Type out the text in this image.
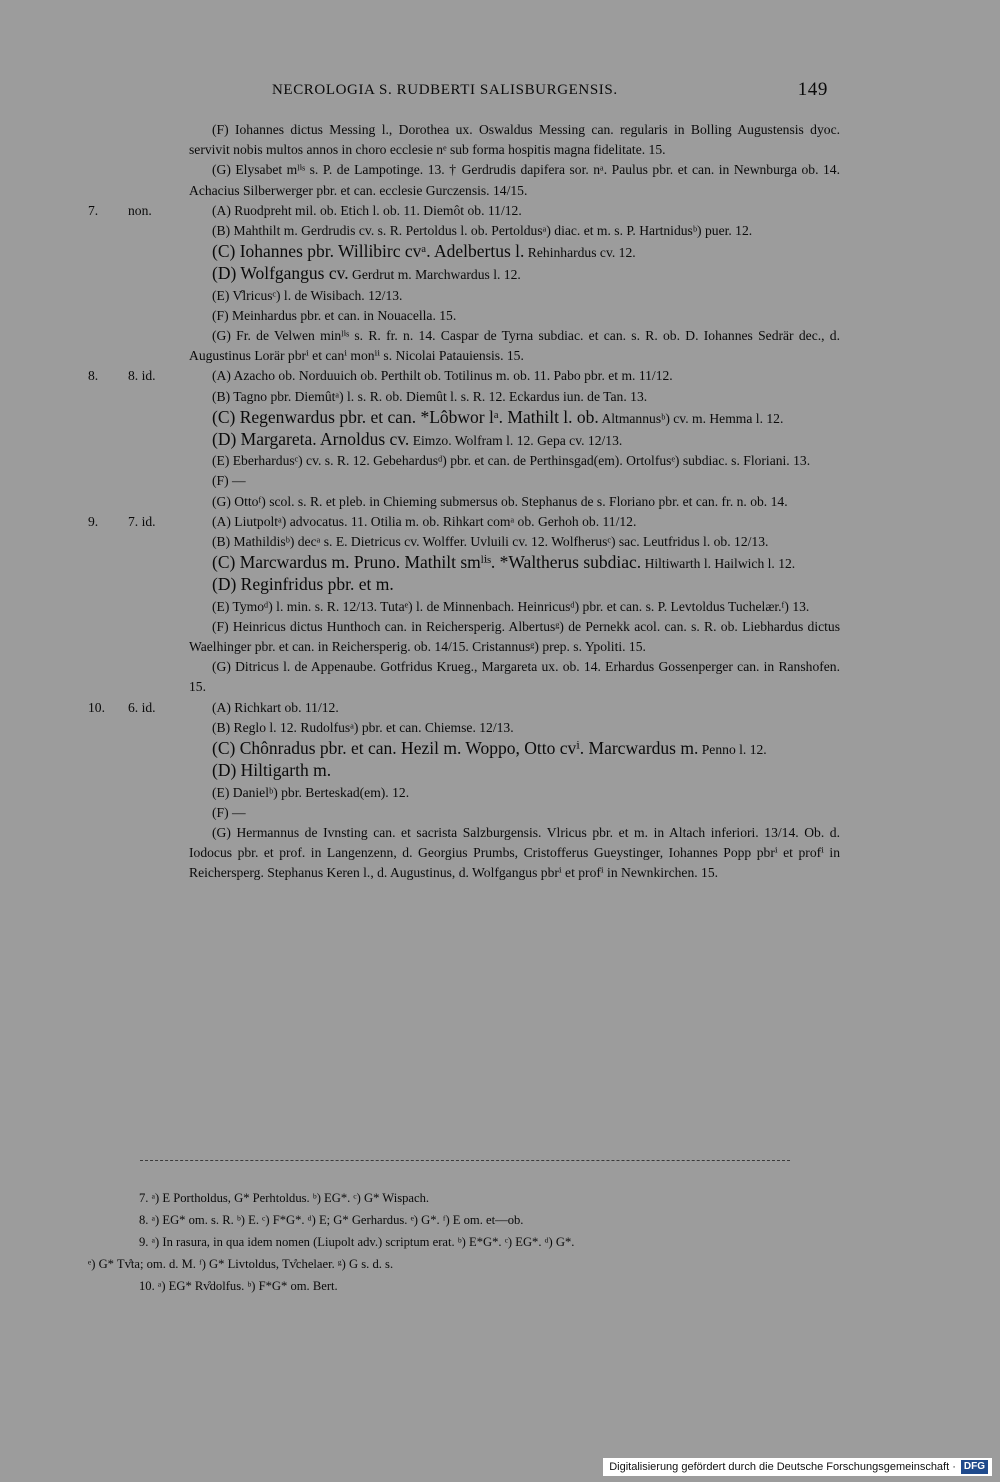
NECROLOGIA S. RUDBERTI SALISBURGENSIS.	149
(F) Iohannes dictus Messing l., Dorothea ux. Oswaldus Messing can. regularis in Bolling Augustensis dyoc. servivit nobis multos annos in choro ecclesie nᵉ sub forma hospitis magna fidelitate. 15.
(G) Elysabet mˡⁱˢ s. P. de Lampotinge. 13. † Gerdrudis dapifera sor. nᵃ. Paulus pbr. et can. in Newnburga ob. 14. Achacius Silberwerger pbr. et can. ecclesie Gurczensis. 14/15.
7. non.	(A) Ruodpreht mil. ob. Etich l. ob. 11. Diemôt ob. 11/12.
(B) Mahthilt m. Gerdrudis cv. s. R. Pertoldus l. ob. Pertoldusᵃ) diac. et m. s. P. Hartnidusᵇ) puer. 12.
(C) Iohannes pbr. Willibirc cvᵃ. Adelbertus l. Rehinhardus cv. 12.
(D) Wolfgangus cv. Gerdrut m. Marchwardus l. 12.
(E) V̊lricusᶜ) l. de Wisibach. 12/13.
(F) Meinhardus pbr. et can. in Nouacella. 15.
(G) Fr. de Velwen minˡⁱˢ s. R. fr. n. 14. Caspar de Tyrna subdiac. et can. s. R. ob. D. Iohannes Sedrär dec., d. Augustinus Lorär pbrⁱ et canⁱ monⁱⁱ s. Nicolai Patauiensis. 15.
8. 8. id.	(A) Azacho ob. Norduuich ob. Perthilt ob. Totilinus m. ob. 11. Pabo pbr. et m. 11/12.
(B) Tagno pbr. Diemûtᵃ) l. s. R. ob. Diemût l. s. R. 12. Eckardus iun. de Tan. 13.
(C) Regenwardus pbr. et can. *Lôbwor lᵃ. Mathilt l. ob. Altmannusᵇ) cv. m. Hemma l. 12.
(D) Margareta. Arnoldus cv. Eimzo. Wolfram l. 12. Gepa cv. 12/13.
(E) Eberhardusᶜ) cv. s. R. 12. Gebehardusᵈ) pbr. et can. de Perthinsgad(em). Ortolfusᵉ) subdiac. s. Floriani. 13.
(F) —
(G) Ottoᶠ) scol. s. R. et pleb. in Chieming submersus ob. Stephanus de s. Floriano pbr. et can. fr. n. ob. 14.
9. 7. id.	(A) Liutpoltᵃ) advocatus. 11. Otilia m. ob. Rihkart comᵃ ob. Gerhoh ob. 11/12.
(B) Mathildisᵇ) decᵃ s. E. Dietricus cv. Wolffer. Uvluili cv. 12. Wolfherusᶜ) sac. Leutfridus l. ob. 12/13.
(C) Marcwardus m. Pruno. Mathilt smˡⁱˢ. *Waltherus subdiac. Hiltiwarth l. Hailwich l. 12.
(D) Reginfridus pbr. et m.
(E) Tymoᵈ) l. min. s. R. 12/13. Tutaᵉ) l. de Minnenbach. Heinricusᵈ) pbr. et can. s. P. Levtoldus Tuchelær.ᶠ) 13.
(F) Heinricus dictus Hunthoch can. in Reichersperig. Albertusᵍ) de Pernekk acol. can. s. R. ob. Liebhardus dictus Waelhinger pbr. et can. in Reichersperig. ob. 14/15. Cristannusᵍ) prep. s. Ypoliti. 15.
(G) Ditricus l. de Appenaube. Gotfridus Krueg., Margareta ux. ob. 14. Erhardus Gossenperger can. in Ranshofen. 15.
10. 6. id.	(A) Richkart ob. 11/12.
(B) Reglo l. 12. Rudolfusᵃ) pbr. et can. Chiemse. 12/13.
(C) Chônradus pbr. et can. Hezil m. Woppo, Otto cvⁱ. Marcwardus m. Penno l. 12.
(D) Hiltigarth m.
(E) Danielᵇ) pbr. Berteskad(em). 12.
(F) —
(G) Hermannus de Ivnsting can. et sacrista Salzburgensis. Vlricus pbr. et m. in Altach inferiori. 13/14. Ob. d. Iodocus pbr. et prof. in Langenzenn, d. Georgius Prumbs, Cristofferus Gueystinger, Iohannes Popp pbrⁱ et profⁱ in Reichersperg. Stephanus Keren l., d. Augustinus, d. Wolfgangus pbrⁱ et profⁱ in Newnkirchen. 15.
7. ᵃ) E Portholdus, G* Perhtoldus. ᵇ) EG*. ᶜ) G* Wispach.
8. ᵃ) EG* om. s. R. ᵇ) E. ᶜ) F*G*. ᵈ) E; G* Gerhardus. ᵉ) G*. ᶠ) E om. et—ob.
9. ᵃ) In rasura, in qua idem nomen (Liupolt adv.) scriptum erat. ᵇ) E*G*. ᶜ) EG*. ᵈ) G*.
ᵉ) G* Tv̊ta; om. d. M. ᶠ) G* Livtoldus, Tv̊chelaer. ᵍ) G s. d. s.
10. ᵃ) EG* Rv̊dolfus. ᵇ) F*G* om. Bert.
Digitalisierung gefördert durch die Deutsche Forschungsgemeinschaft · DFG
